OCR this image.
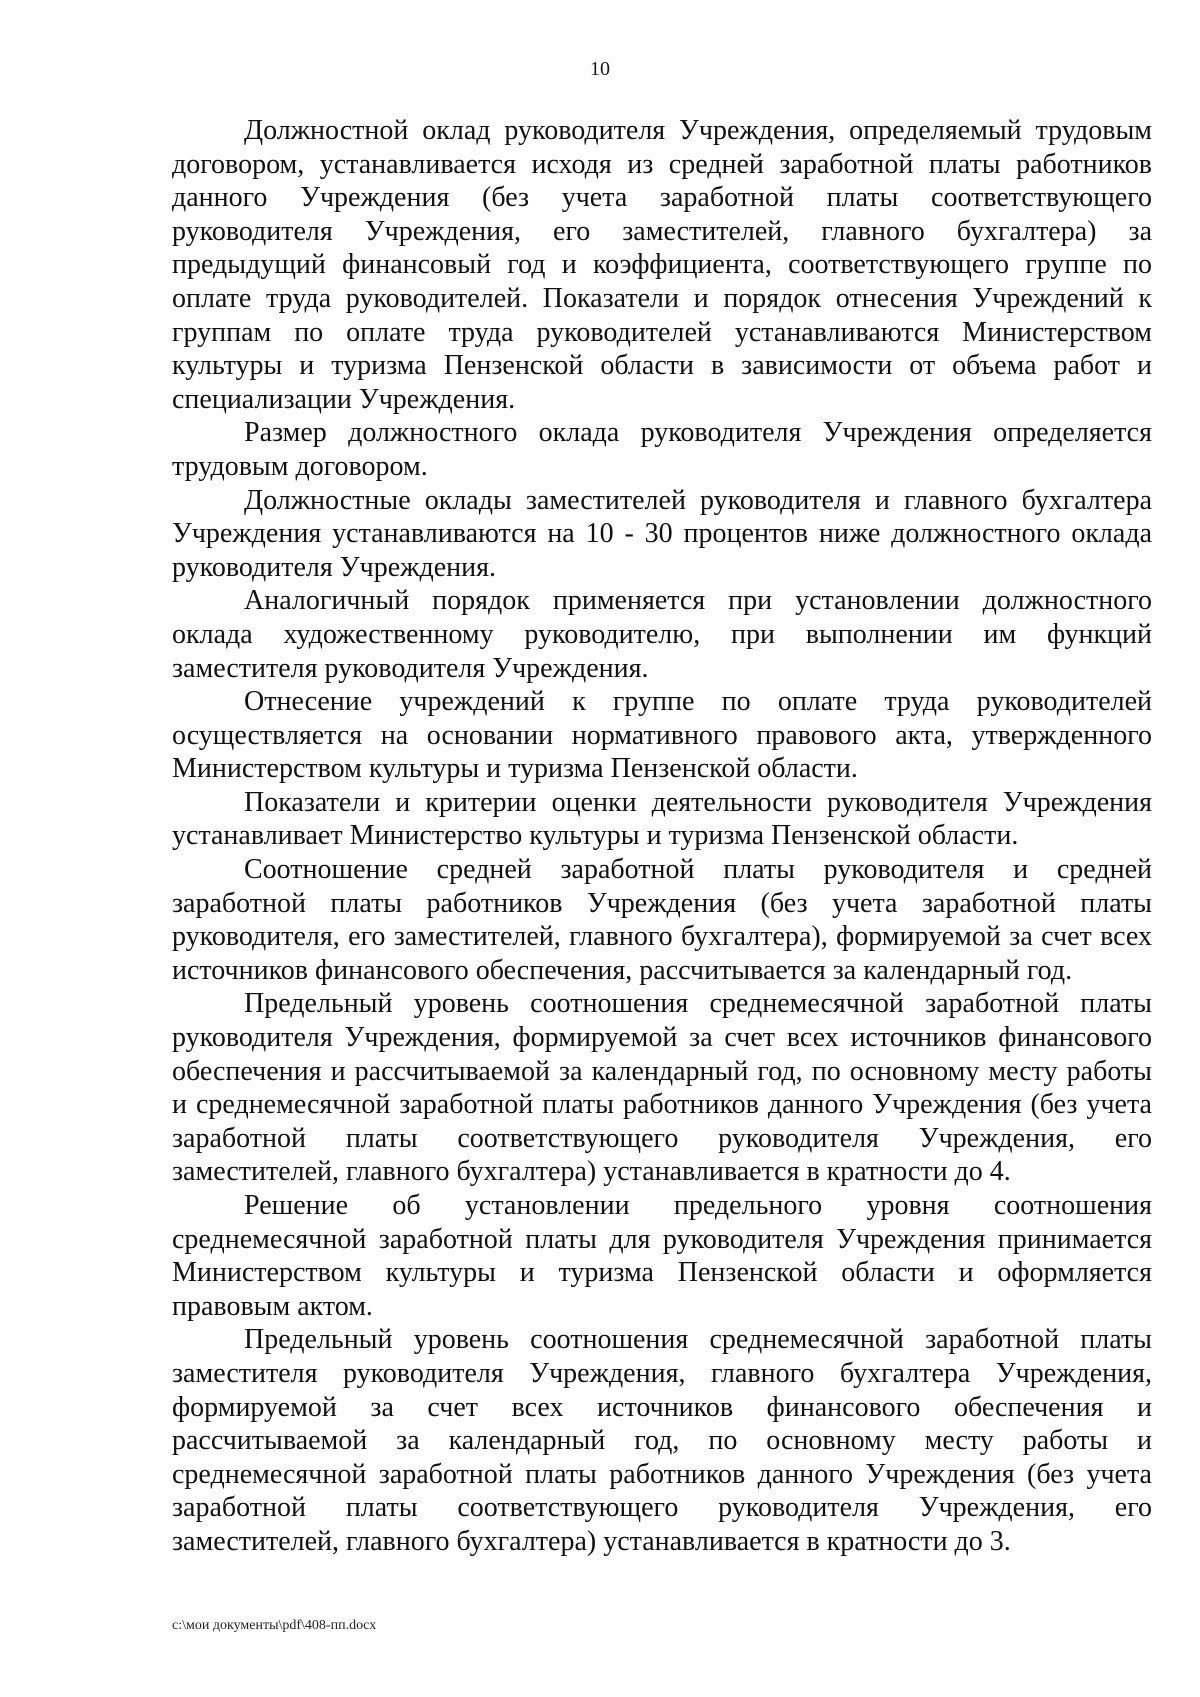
10

Должностной оклад руководителя Учреждения, определяемый трудовым договором, устанавливается исходя из средней заработной платы работников данного Учреждения (без учета заработной платы соответствующего руководителя Учреждения, его заместителей, главного бухгалтера) за предыдущий финансовый год и коэффициента, соответствующего группе по оплате труда руководителей. Показатели и порядок отнесения Учреждений к группам по оплате труда руководителей устанавливаются Министерством культуры и туризма Пензенской области в зависимости от объема работ и специализации Учреждения.

Размер должностного оклада руководителя Учреждения определяется трудовым договором.

Должностные оклады заместителей руководителя и главного бухгалтера Учреждения устанавливаются на 10 - 30 процентов ниже должностного оклада руководителя Учреждения.

Аналогичный порядок применяется при установлении должностного оклада художественному руководителю, при выполнении им функций заместителя руководителя Учреждения.

Отнесение учреждений к группе по оплате труда руководителей осуществляется на основании нормативного правового акта, утвержденного Министерством культуры и туризма Пензенской области.

Показатели и критерии оценки деятельности руководителя Учреждения устанавливает Министерство культуры и туризма Пензенской области.

Соотношение средней заработной платы руководителя и средней заработной платы работников Учреждения (без учета заработной платы руководителя, его заместителей, главного бухгалтера), формируемой за счет всех источников финансового обеспечения, рассчитывается за календарный год.

Предельный уровень соотношения среднемесячной заработной платы руководителя Учреждения, формируемой за счет всех источников финансового обеспечения и рассчитываемой за календарный год, по основному месту работы и среднемесячной заработной платы работников данного Учреждения (без учета заработной платы соответствующего руководителя Учреждения, его заместителей, главного бухгалтера) устанавливается в кратности до 4.

Решение об установлении предельного уровня соотношения среднемесячной заработной платы для руководителя Учреждения принимается Министерством культуры и туризма Пензенской области и оформляется правовым актом.

Предельный уровень соотношения среднемесячной заработной платы заместителя руководителя Учреждения, главного бухгалтера Учреждения, формируемой за счет всех источников финансового обеспечения и рассчитываемой за календарный год, по основному месту работы и среднемесячной заработной платы работников данного Учреждения (без учета заработной платы соответствующего руководителя Учреждения, его заместителей, главного бухгалтера) устанавливается в кратности до 3.

c:\мои документы\pdf\408-пп.docx
